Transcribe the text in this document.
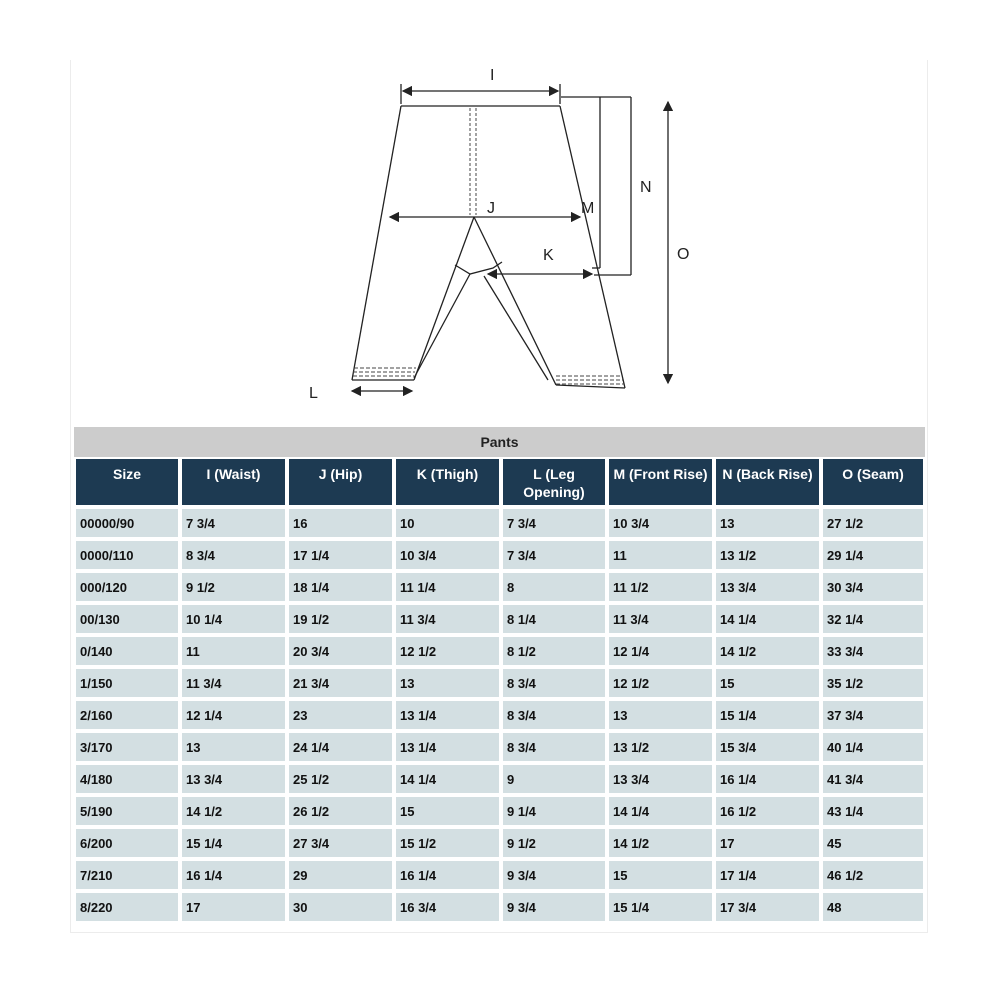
I
J	M
K
N
O
L
Pants
Size	I (Waist)	J (Hip)	K (Thigh)	L (Leg Opening)	M (Front Rise)	N (Back Rise)	O (Seam)
00000/90	7 3/4	16	10	7 3/4	10 3/4	13	27 1/2
0000/110	8 3/4	17 1/4	10 3/4	7 3/4	11	13 1/2	29 1/4
000/120	9 1/2	18 1/4	11 1/4	8	11 1/2	13 3/4	30 3/4
00/130	10 1/4	19 1/2	11 3/4	8 1/4	11 3/4	14 1/4	32 1/4
0/140	11	20 3/4	12 1/2	8 1/2	12 1/4	14 1/2	33 3/4
1/150	11 3/4	21 3/4	13	8 3/4	12 1/2	15	35 1/2
2/160	12 1/4	23	13 1/4	8 3/4	13	15 1/4	37 3/4
3/170	13	24 1/4	13 1/4	8 3/4	13 1/2	15 3/4	40 1/4
4/180	13 3/4	25 1/2	14 1/4	9	13 3/4	16 1/4	41 3/4
5/190	14 1/2	26 1/2	15	9 1/4	14 1/4	16 1/2	43 1/4
6/200	15 1/4	27 3/4	15 1/2	9 1/2	14 1/2	17	45
7/210	16 1/4	29	16 1/4	9 3/4	15	17 1/4	46 1/2
8/220	17	30	16 3/4	9 3/4	15 1/4	17 3/4	48
